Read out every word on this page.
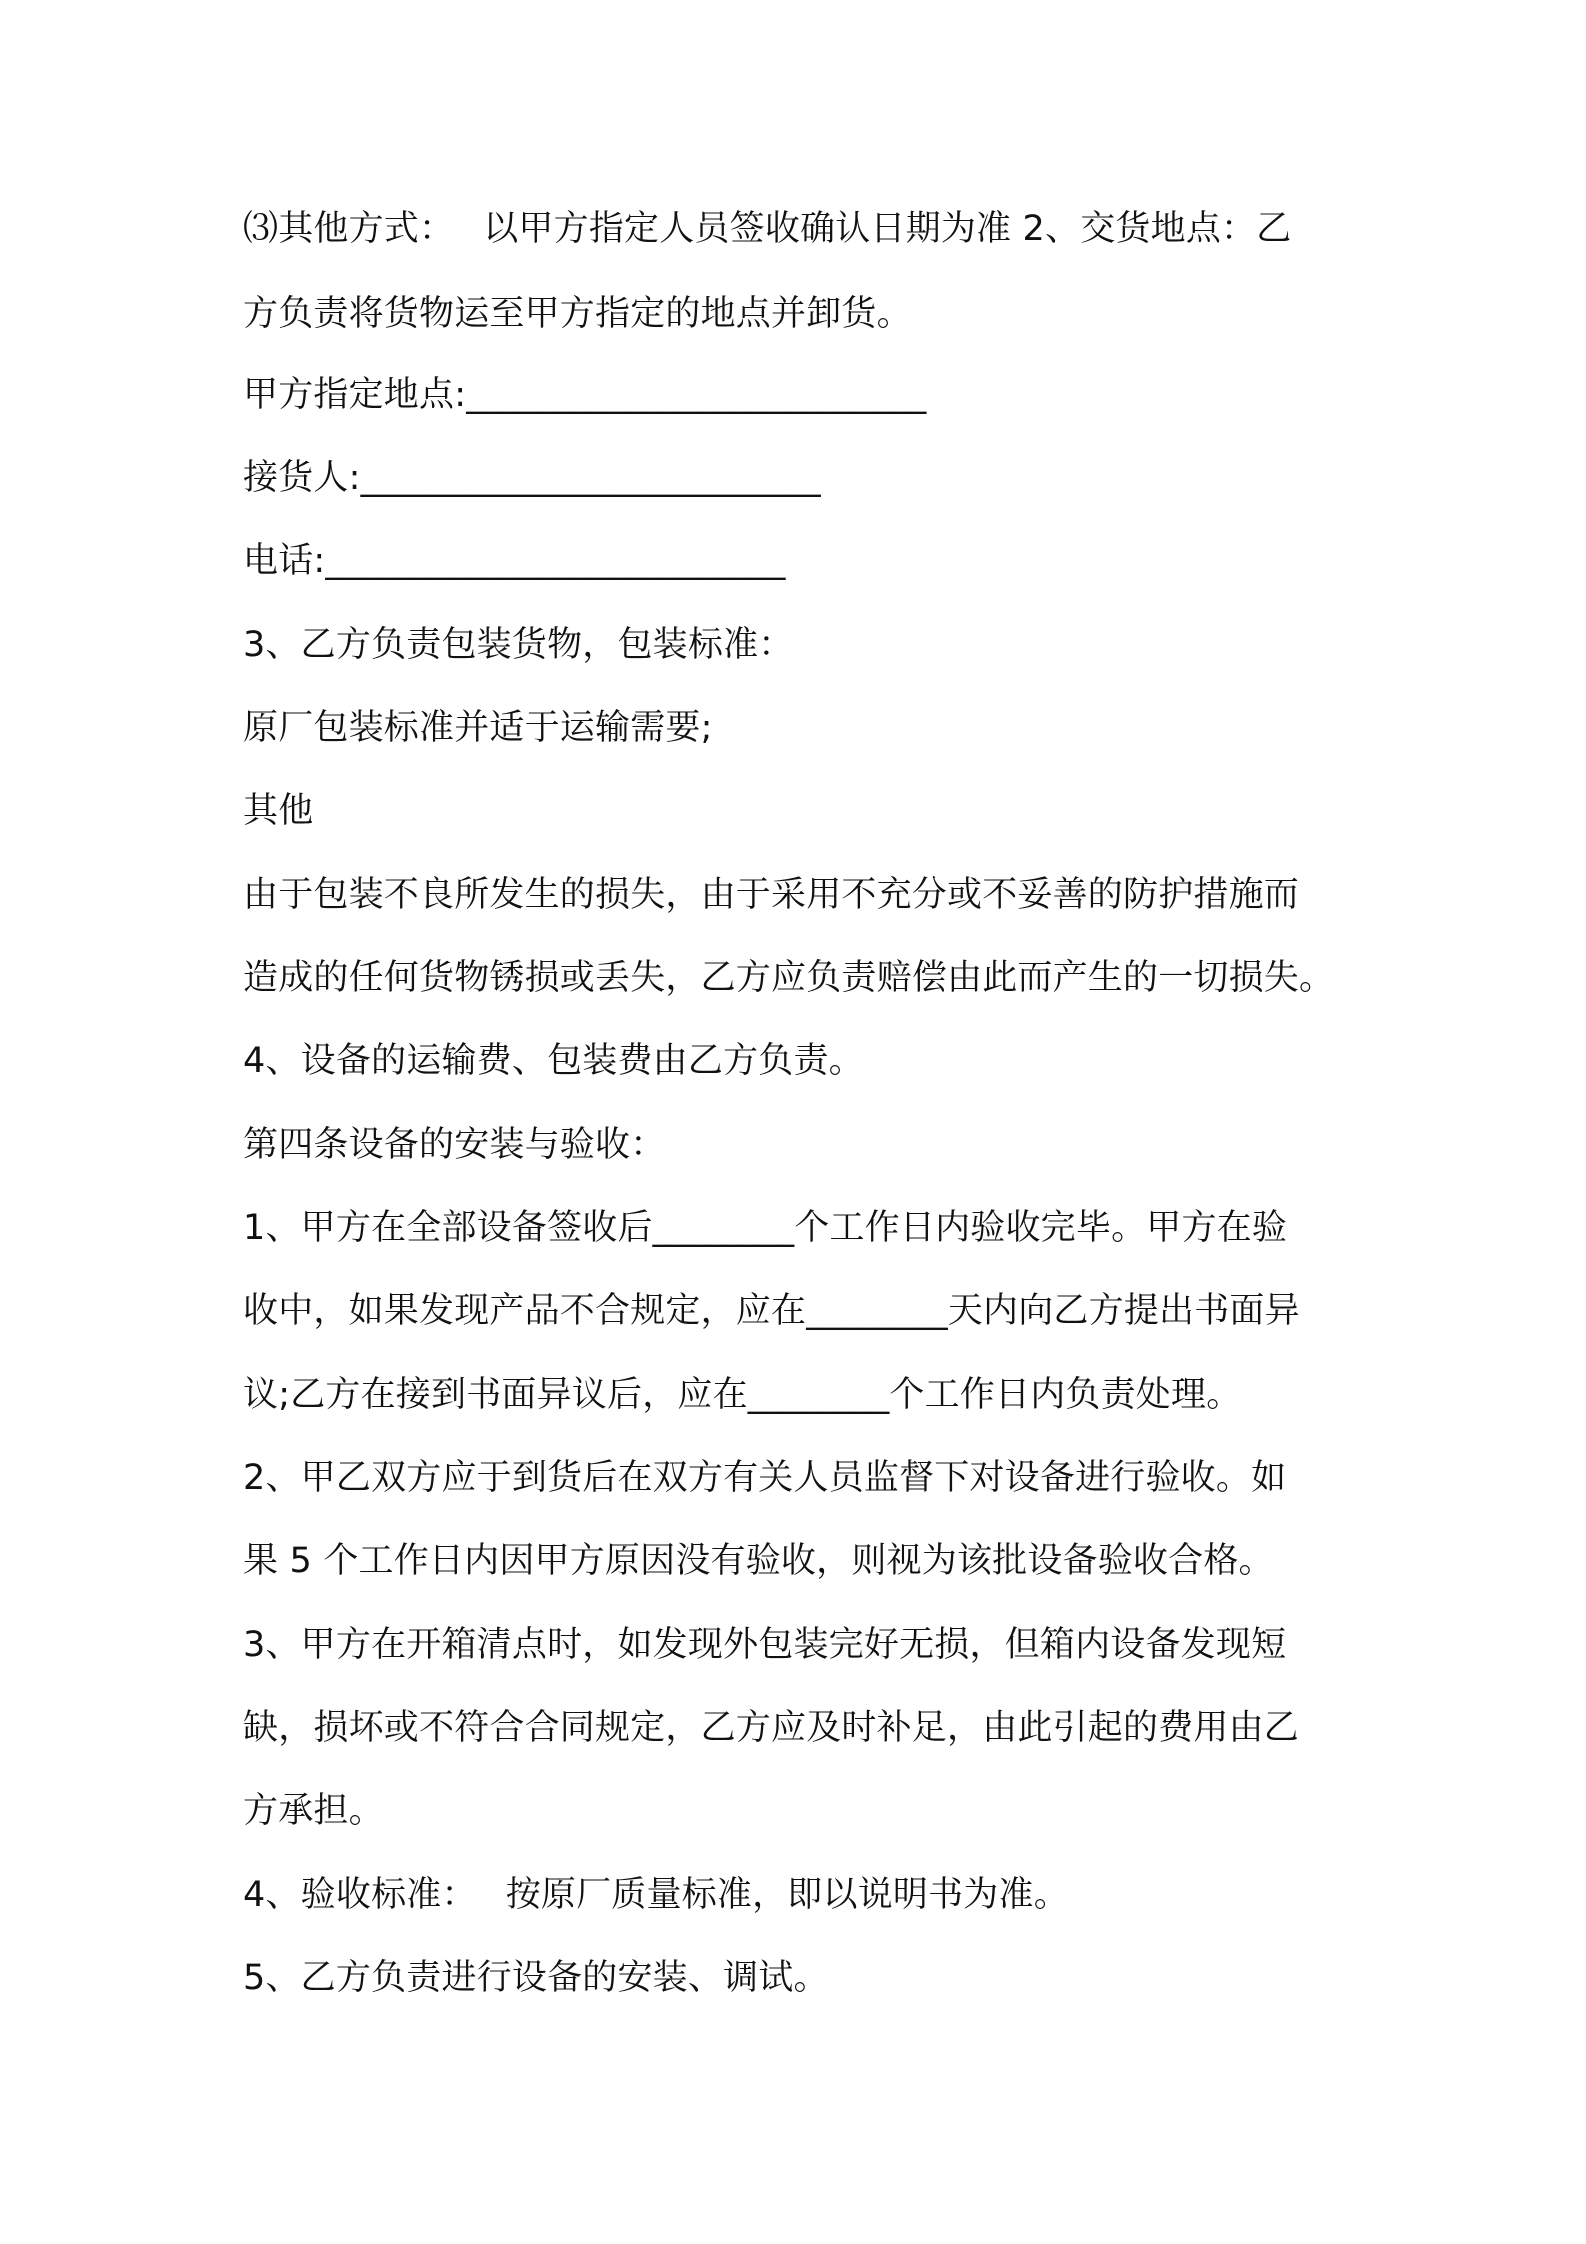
⑶其他方式：　 以甲方指定人员签收确认日期为准 2、交货地点：乙
方负责将货物运至甲方指定的地点并卸货。
甲方指定地点:__________________________
接货人:__________________________
电话:__________________________
3、乙方负责包装货物，包装标准：
原厂包装标准并适于运输需要;
其他
由于包装不良所发生的损失，由于采用不充分或不妥善的防护措施而
造成的任何货物锈损或丢失，乙方应负责赔偿由此而产生的一切损失。
4、设备的运输费、包装费由乙方负责。
第四条设备的安装与验收：
1、甲方在全部设备签收后________个工作日内验收完毕。甲方在验
收中，如果发现产品不合规定，应在________天内向乙方提出书面异
议;乙方在接到书面异议后，应在________个工作日内负责处理。
2、甲乙双方应于到货后在双方有关人员监督下对设备进行验收。如
果 5 个工作日内因甲方原因没有验收，则视为该批设备验收合格。
3、甲方在开箱清点时，如发现外包装完好无损，但箱内设备发现短
缺，损坏或不符合合同规定，乙方应及时补足，由此引起的费用由乙
方承担。
4、验收标准：　 按原厂质量标准，即以说明书为准。
5、乙方负责进行设备的安装、调试。
